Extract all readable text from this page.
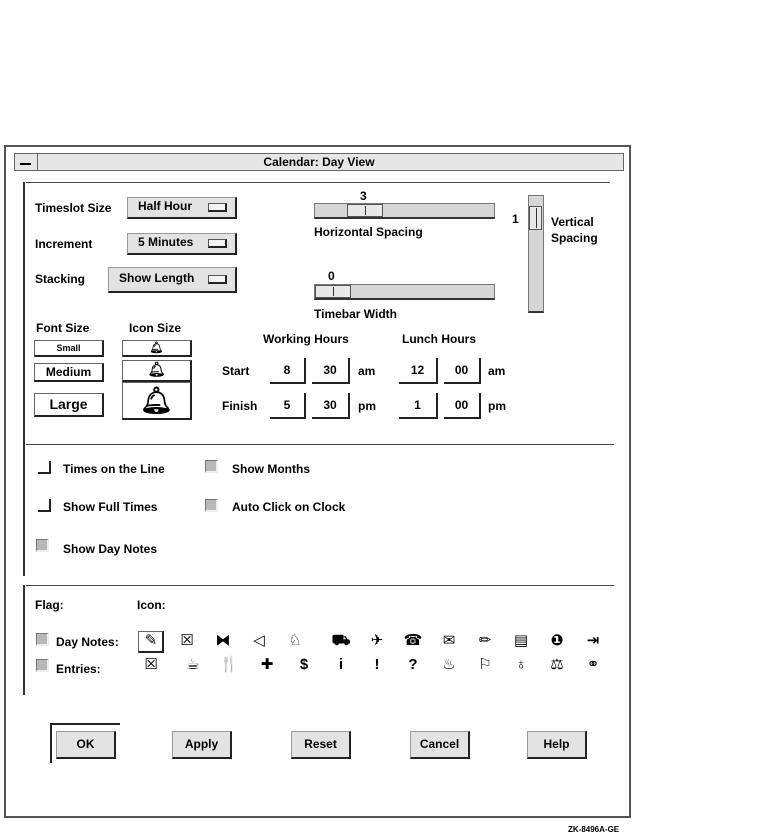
Calendar: Day View
Timeslot Size	Half Hour
Increment	5 Minutes
Stacking	Show Length
3
Horizontal Spacing
0
Timebar Width
1	Vertical
Spacing
Font Size
Small
Medium
Large
Icon Size
🔔︎
🔔︎
🔔︎
Working Hours	Lunch Hours
Start	8	30	am	12	00	am
Finish	5	30	pm	1	00	pm
Times on the Line
Show Full Times
Show Day Notes
Show Months
Auto Click on Clock
Flag:	Icon:
Day Notes:
Entries:
✎	☒ ⧓	◁	♘ ⛟	✈	☎	✉	✏	▤	❶	⇥
☒ ☕ 🍴	✚	$	i	!	?	♨ ⚐	♁	⚖	⚭
OK	Apply	Reset	Cancel	Help
ZK-8496A-GE
